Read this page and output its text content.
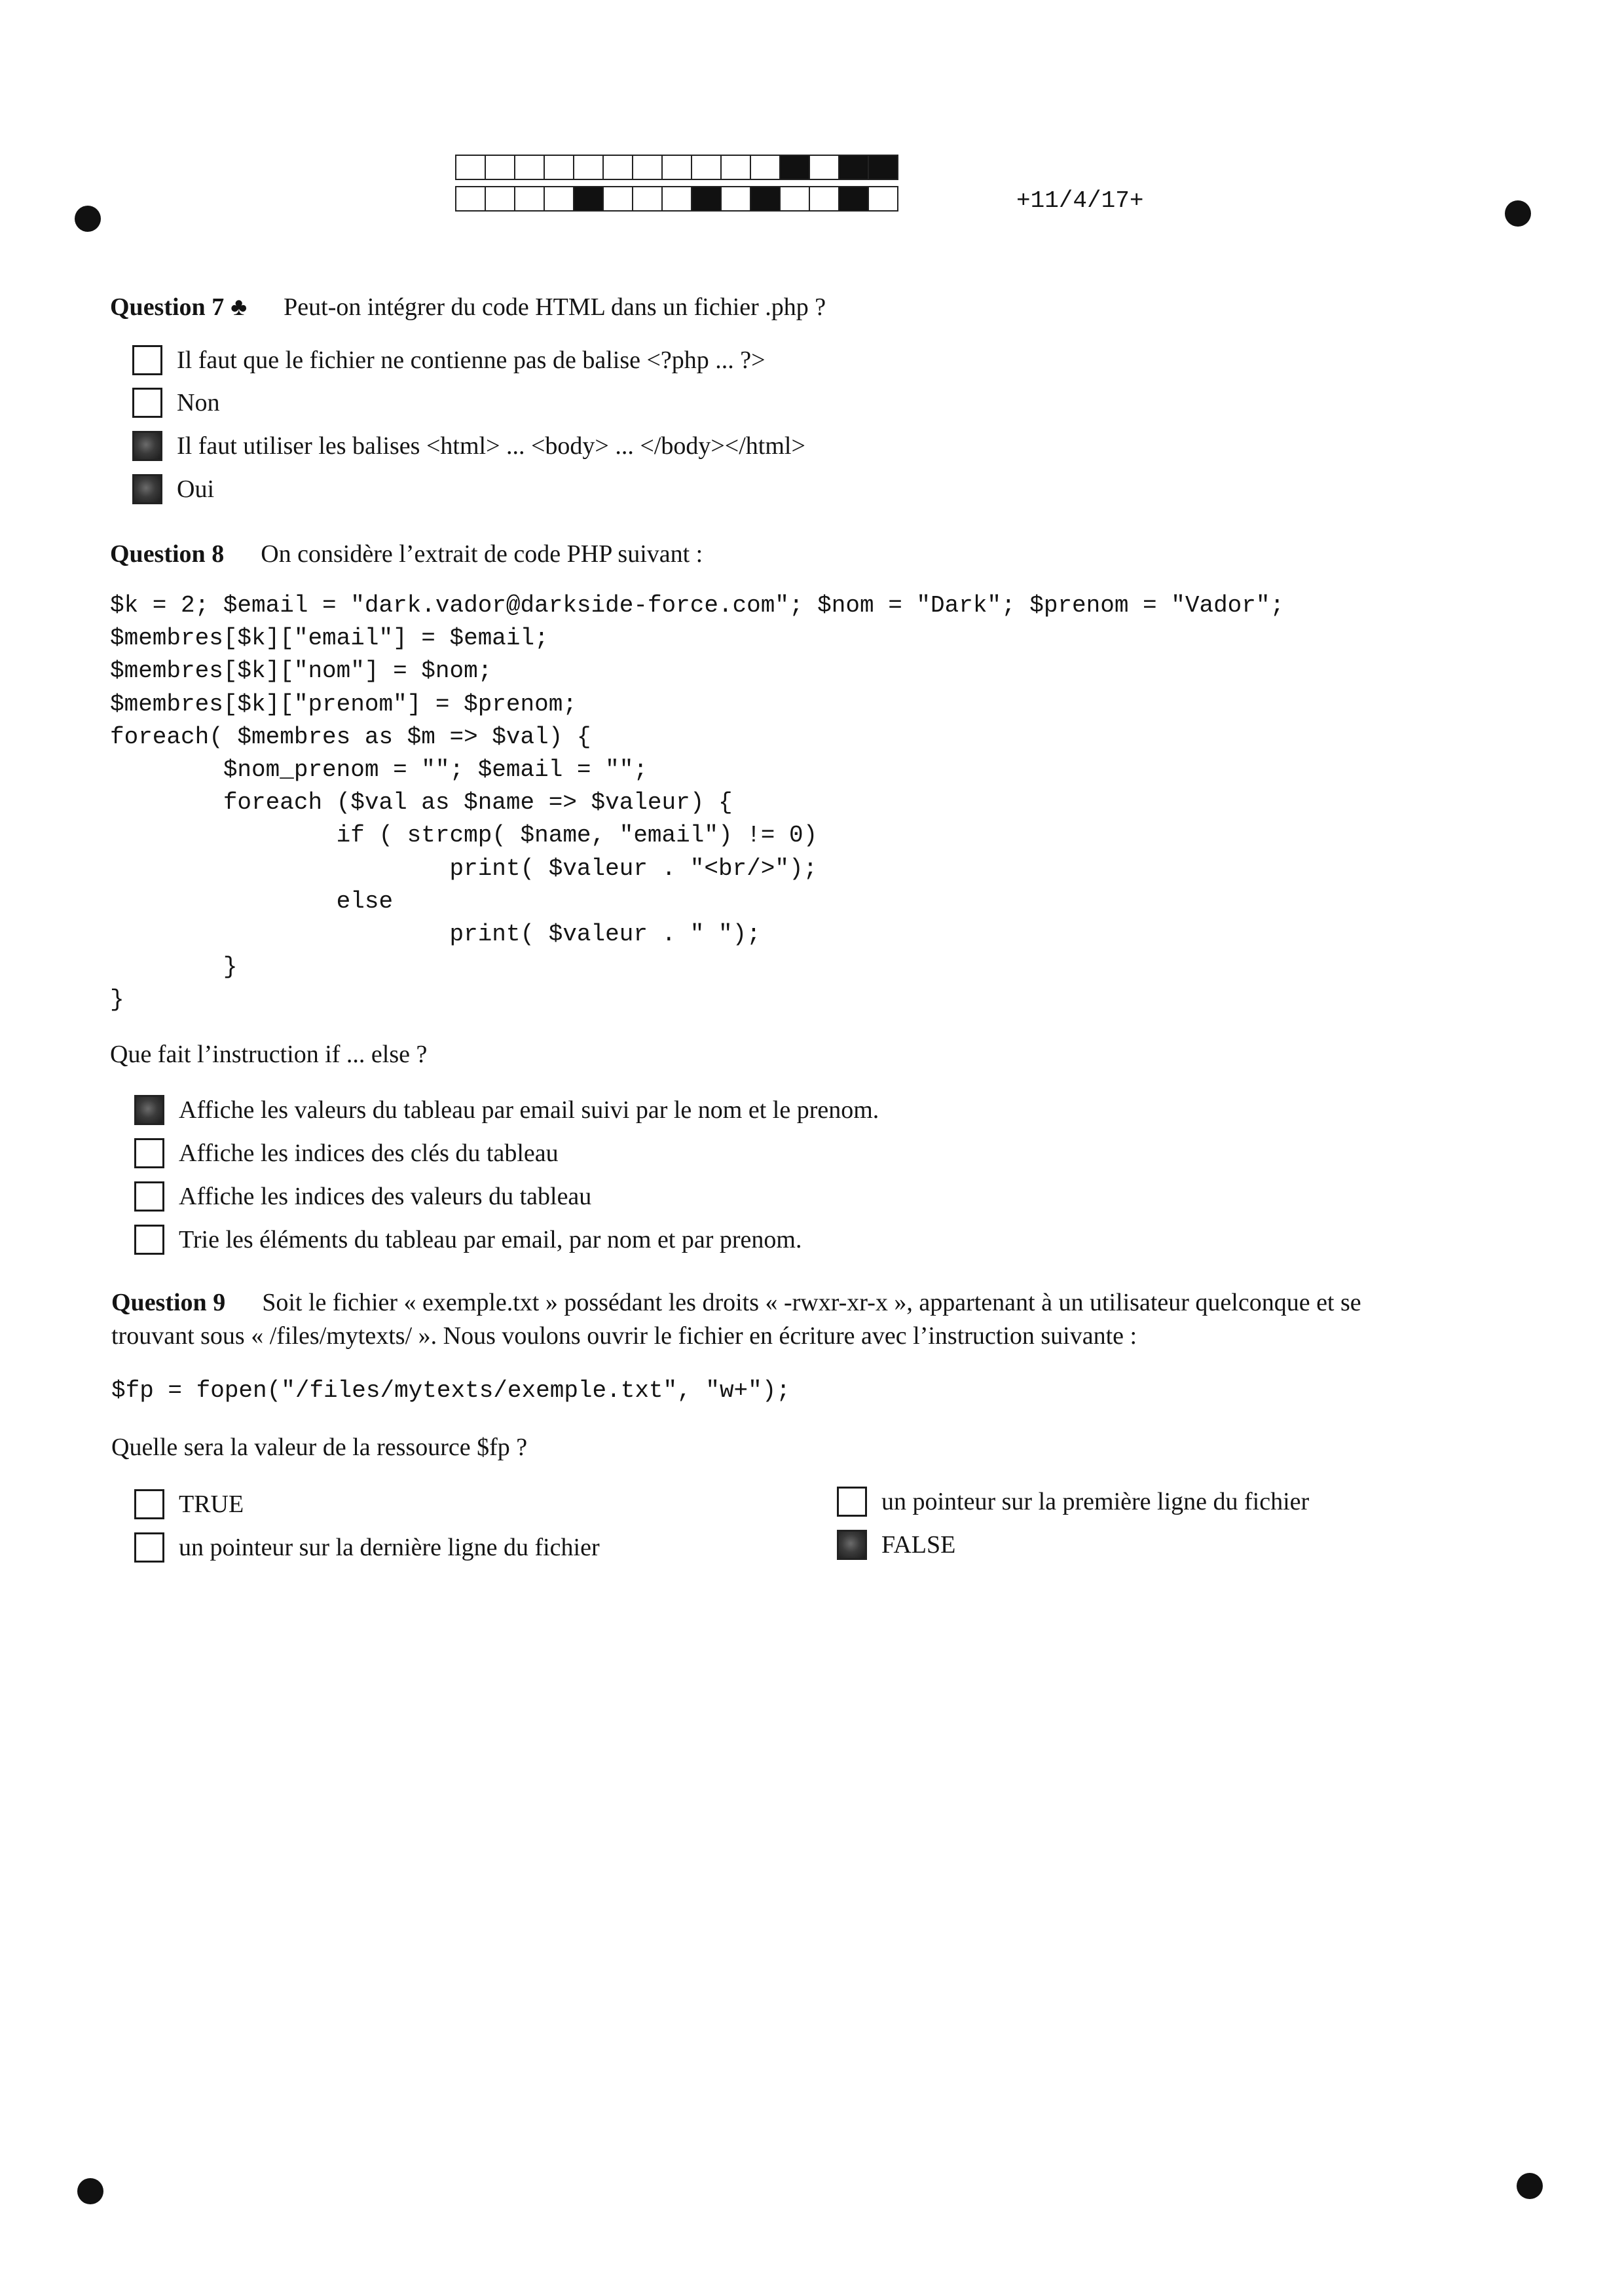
+11/4/17+
Question 7 ♣ Peut-on intégrer du code HTML dans un fichier .php ?
Il faut que le fichier ne contienne pas de balise <?php ... ?>
Non
Il faut utiliser les balises <html> ... <body> ... </body></html>
Oui
Question 8 On considère l’extrait de code PHP suivant :
$k = 2; $email = "dark.vador@darkside-force.com"; $nom = "Dark"; $prenom = "Vador";
$membres[$k]["email"] = $email;
$membres[$k]["nom"] = $nom;
$membres[$k]["prenom"] = $prenom;
foreach( $membres as $m => $val) {
$nom_prenom = ""; $email = "";
foreach ($val as $name => $valeur) {
if ( strcmp( $name, "email") != 0)
print( $valeur . "<br/>");
else
print( $valeur . " ");
}
}
Que fait l’instruction if ... else ?
Affiche les valeurs du tableau par email suivi par le nom et le prenom.
Affiche les indices des clés du tableau
Affiche les indices des valeurs du tableau
Trie les éléments du tableau par email, par nom et par prenom.
Question 9 Soit le fichier « exemple.txt » possédant les droits « -rwxr-xr-x », appartenant à un utilisateur quelconque et se
trouvant sous « /files/mytexts/ ». Nous voulons ouvrir le fichier en écriture avec l’instruction suivante :
$fp = fopen("/files/mytexts/exemple.txt", "w+");
Quelle sera la valeur de la ressource $fp ?
TRUE
un pointeur sur la dernière ligne du fichier
un pointeur sur la première ligne du fichier
FALSE
